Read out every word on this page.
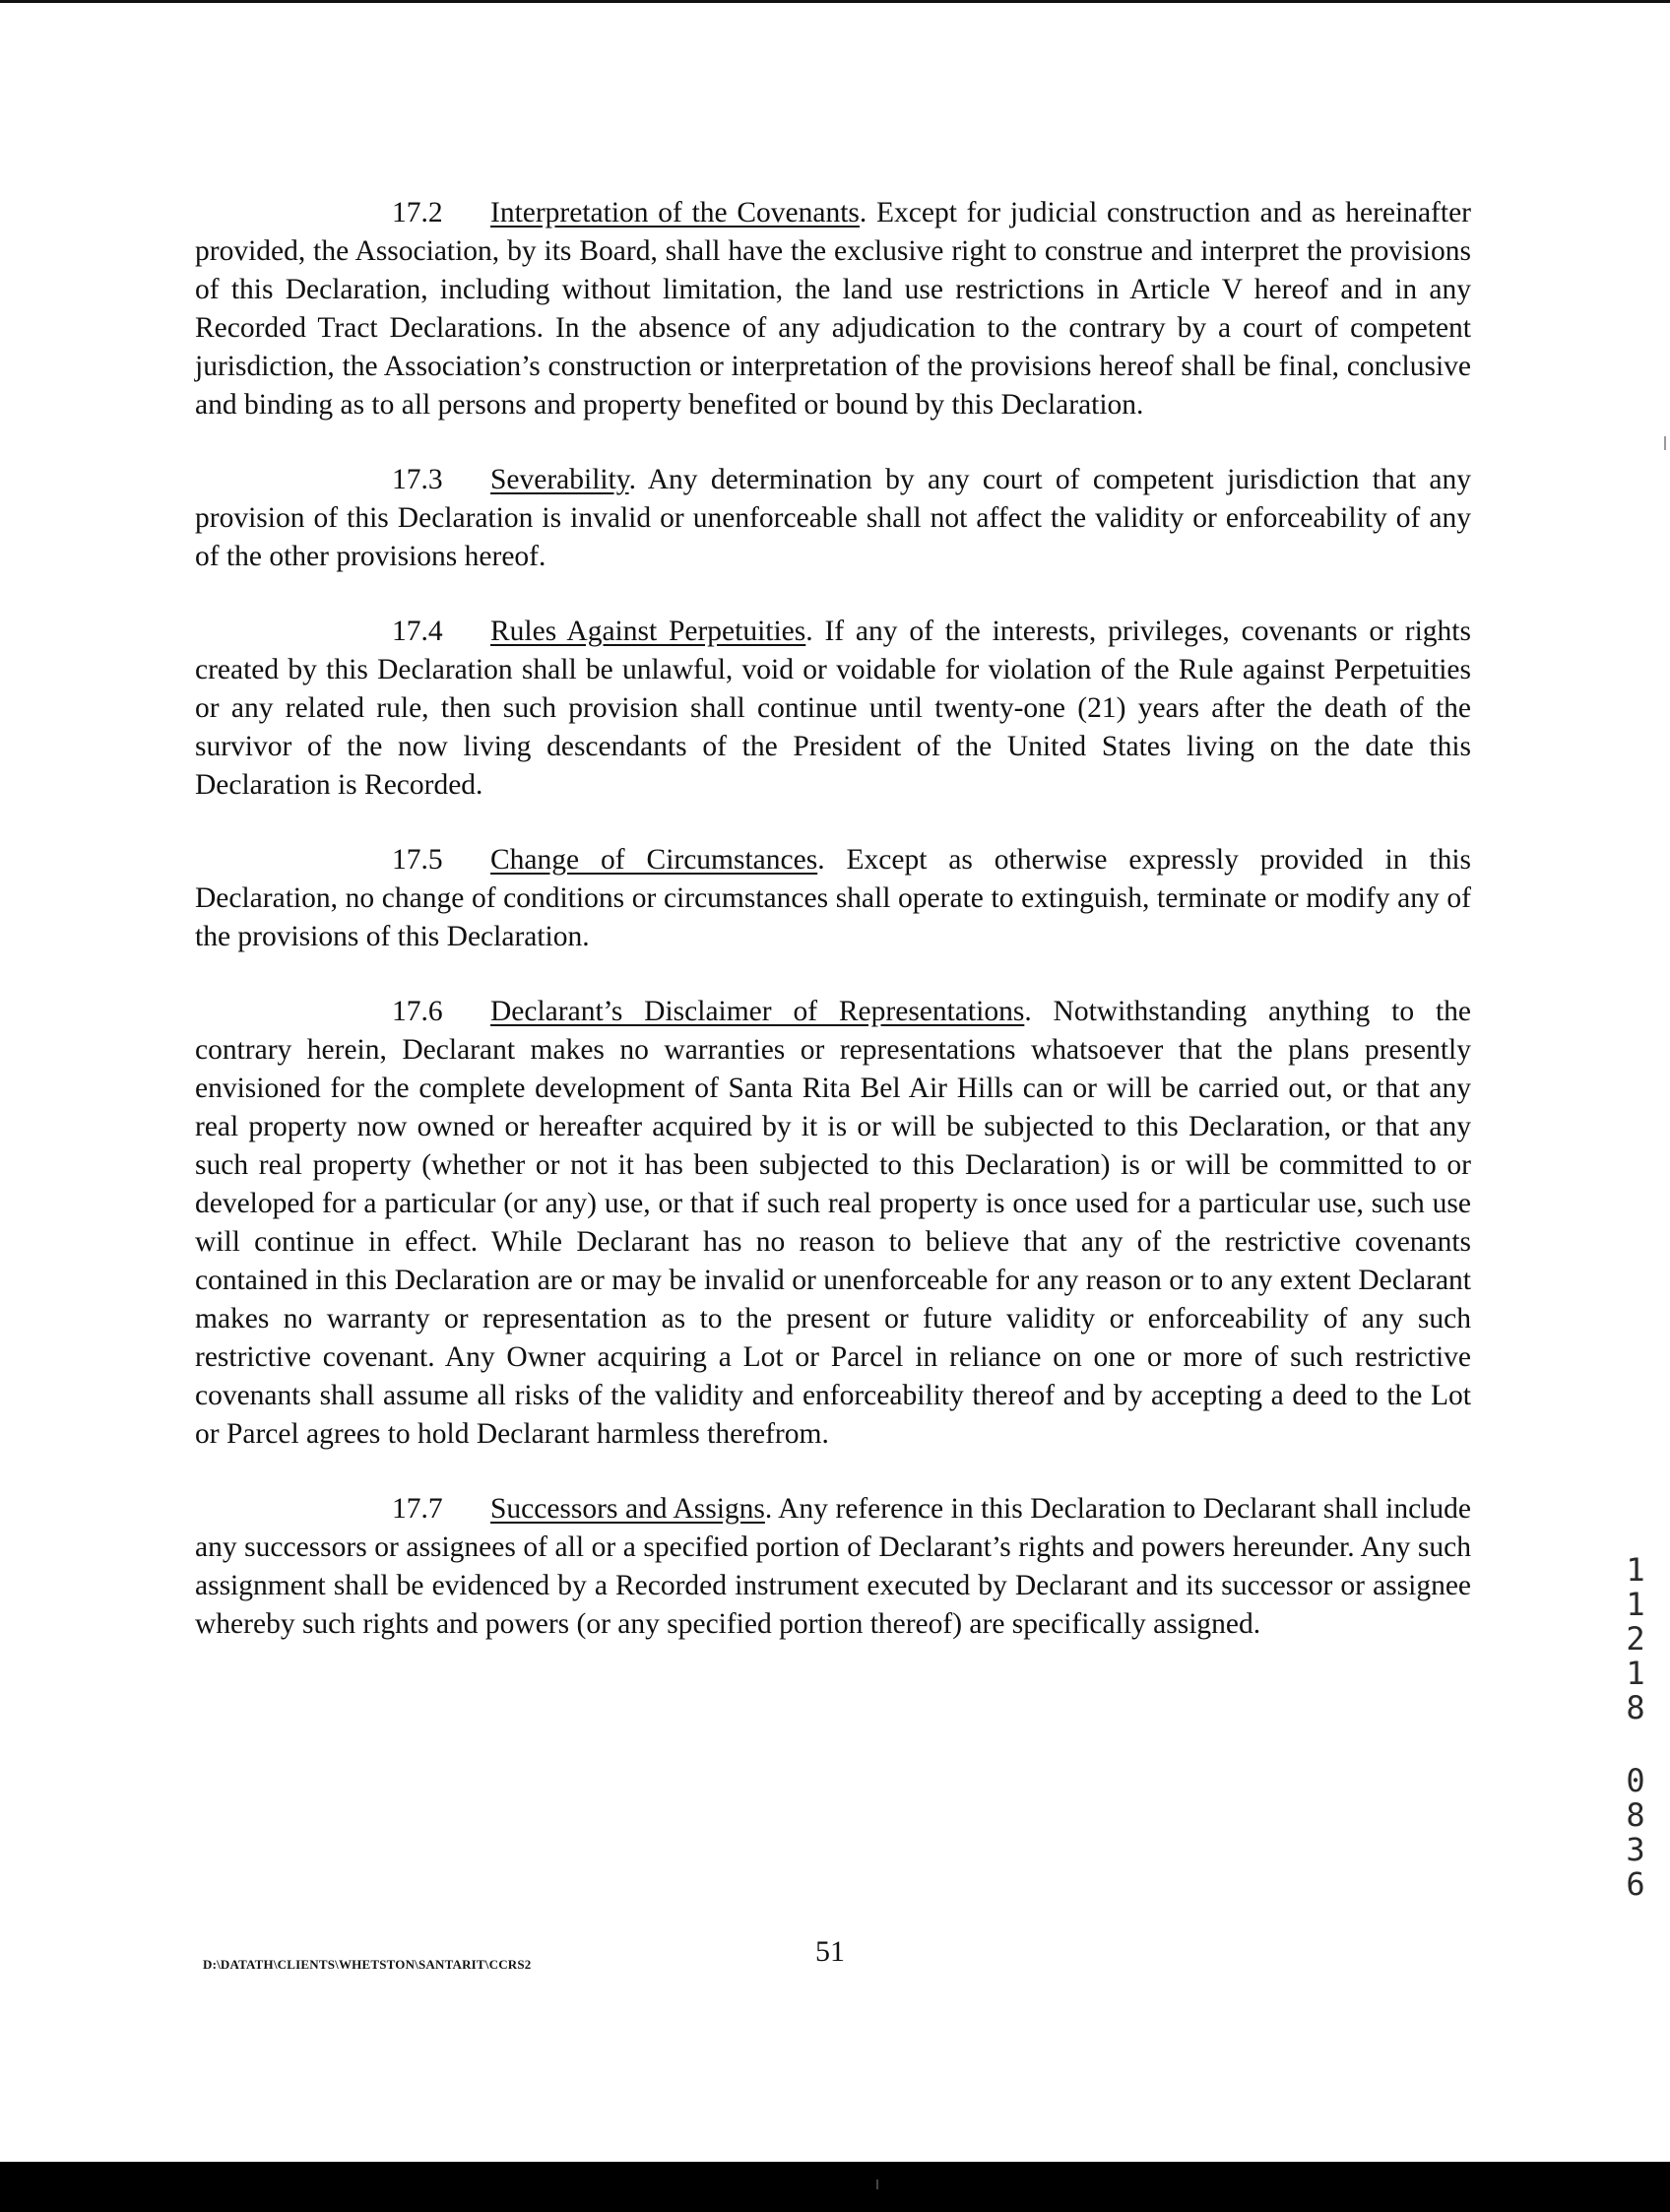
17.2 Interpretation of the Covenants. Except for judicial construction and as hereinafter provided, the Association, by its Board, shall have the exclusive right to construe and interpret the provisions of this Declaration, including without limitation, the land use restrictions in Article V hereof and in any Recorded Tract Declarations. In the absence of any adjudication to the contrary by a court of competent jurisdiction, the Association’s construction or interpretation of the provisions hereof shall be final, conclusive and binding as to all persons and property benefited or bound by this Declaration.

17.3 Severability. Any determination by any court of competent jurisdiction that any provision of this Declaration is invalid or unenforceable shall not affect the validity or enforceability of any of the other provisions hereof.

17.4 Rules Against Perpetuities. If any of the interests, privileges, covenants or rights created by this Declaration shall be unlawful, void or voidable for violation of the Rule against Perpetuities or any related rule, then such provision shall continue until twenty-one (21) years after the death of the survivor of the now living descendants of the President of the United States living on the date this Declaration is Recorded.

17.5 Change of Circumstances. Except as otherwise expressly provided in this Declaration, no change of conditions or circumstances shall operate to extinguish, terminate or modify any of the provisions of this Declaration.

17.6 Declarant’s Disclaimer of Representations. Notwithstanding anything to the contrary herein, Declarant makes no warranties or representations whatsoever that the plans presently envisioned for the complete development of Santa Rita Bel Air Hills can or will be carried out, or that any real property now owned or hereafter acquired by it is or will be subjected to this Declaration, or that any such real property (whether or not it has been subjected to this Declaration) is or will be committed to or developed for a particular (or any) use, or that if such real property is once used for a particular use, such use will continue in effect. While Declarant has no reason to believe that any of the restrictive covenants contained in this Declaration are or may be invalid or unenforceable for any reason or to any extent Declarant makes no warranty or representation as to the present or future validity or enforceability of any such restrictive covenant. Any Owner acquiring a Lot or Parcel in reliance on one or more of such restrictive covenants shall assume all risks of the validity and enforceability thereof and by accepting a deed to the Lot or Parcel agrees to hold Declarant harmless therefrom.

17.7 Successors and Assigns. Any reference in this Declaration to Declarant shall include any successors or assignees of all or a specified portion of Declarant’s rights and powers hereunder. Any such assignment shall be evidenced by a Recorded instrument executed by Declarant and its successor or assignee whereby such rights and powers (or any specified portion thereof) are specifically assigned.

D:\DATATH\CLIENTS\WHETSTON\SANTARIT\CCRS2	51
11218
0836
